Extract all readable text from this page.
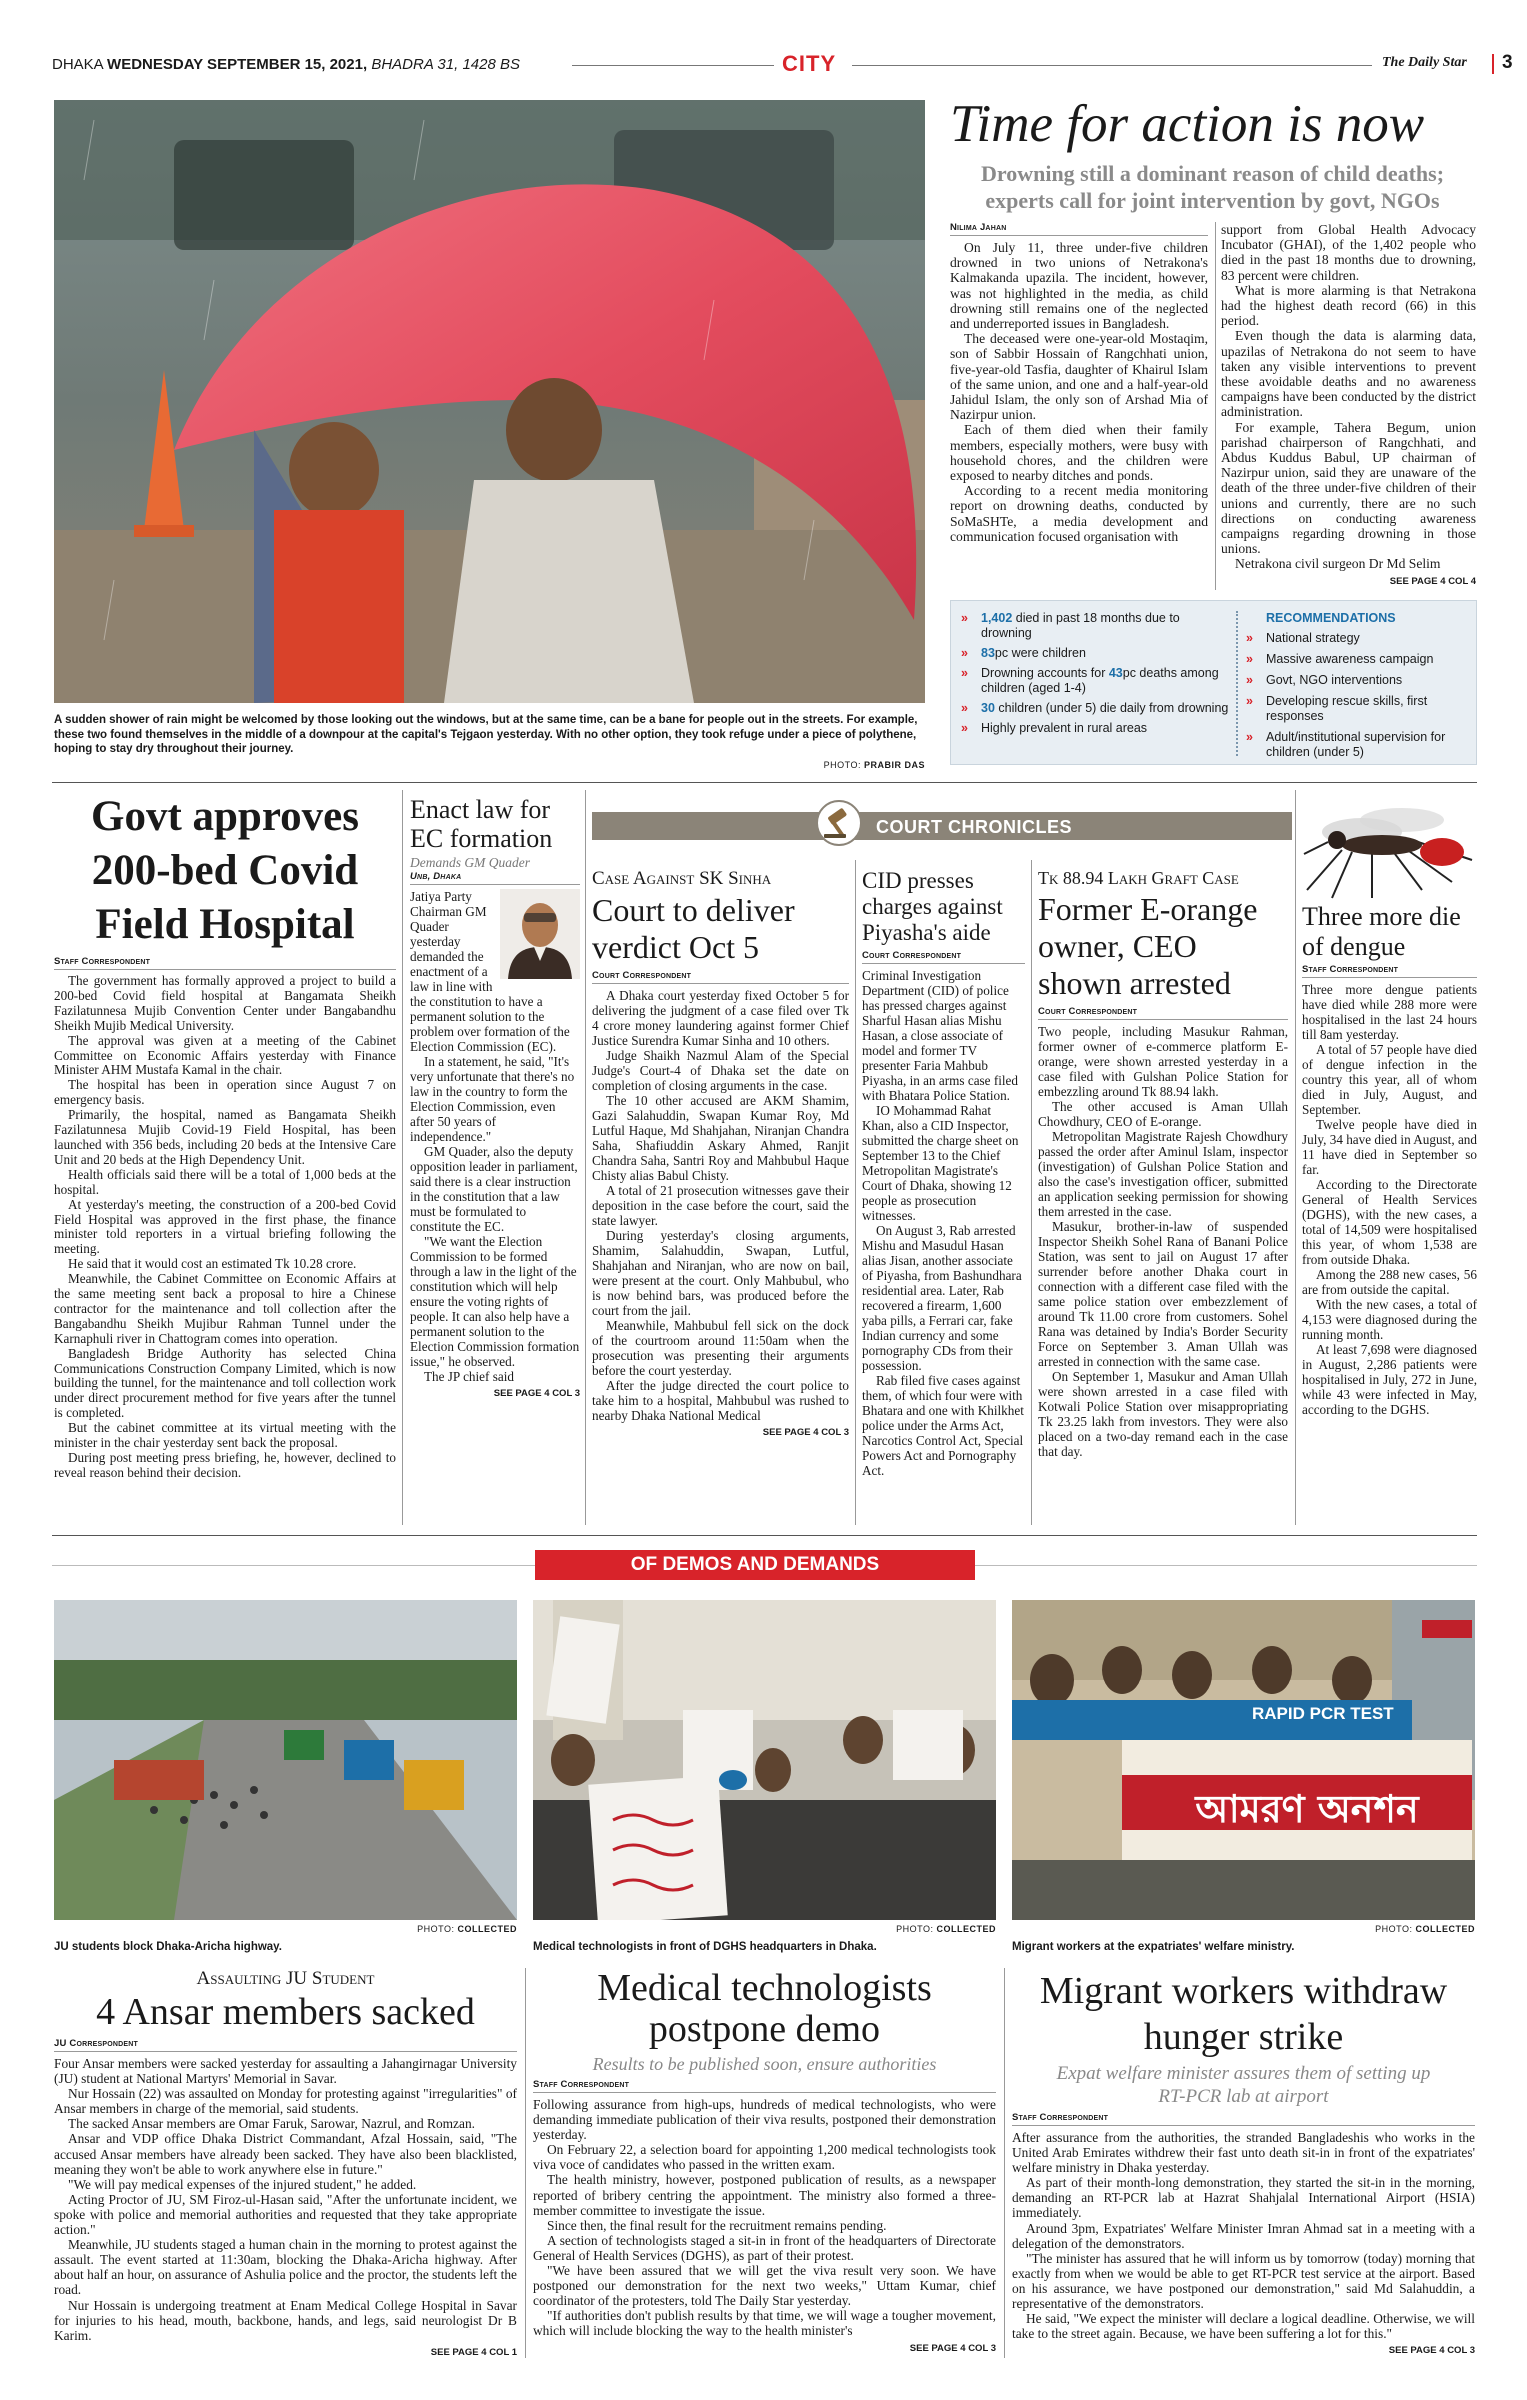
DHAKA WEDNESDAY SEPTEMBER 15, 2021, BHADRA 31, 1428 BS	CITY	The Daily Star 3
A sudden shower of rain might be welcomed by those looking out the windows, but at the same time, can be a bane for people out in the streets. For example, these two found themselves in the middle of a downpour at the capital's Tejgaon yesterday. With no other option, they took refuge under a piece of polythene, hoping to stay dry throughout their journey.
PHOTO: PRABIR DAS
Time for action is now
Drowning still a dominant reason of child deaths; experts call for joint intervention by govt, NGOs
Nilima Jahan

On July 11, three under-five children drowned in two unions of Netrakona's Kalmakanda upazila. The incident, however, was not highlighted in the media, as child drowning still remains one of the neglected and underreported issues in Bangladesh.

The deceased were one-year-old Mostaqim, son of Sabbir Hossain of Rangchhati union, five-year-old Tasfia, daughter of Khairul Islam of the same union, and one and a half-year-old Jahidul Islam, the only son of Arshad Mia of Nazirpur union.

Each of them died when their family members, especially mothers, were busy with household chores, and the children were exposed to nearby ditches and ponds.

According to a recent media monitoring report on drowning deaths, conducted by SoMaSHTe, a media development and communication focused organisation with

support from Global Health Advocacy Incubator (GHAI), of the 1,402 people who died in the past 18 months due to drowning, 83 percent were children.

What is more alarming is that Netrakona had the highest death record (66) in this period.

Even though the data is alarming data, upazilas of Netrakona do not seem to have taken any visible interventions to prevent these avoidable deaths and no awareness campaigns have been conducted by the district administration.

For example, Tahera Begum, union parishad chairperson of Rangchhati, and Abdus Kuddus Babul, UP chairman of Nazirpur union, said they are unaware of the death of the three under-five children of their unions and currently, there are no such directions on conducting awareness campaigns regarding drowning in those unions.

Netrakona civil surgeon Dr Md Selim

SEE PAGE 4 COL 4
» 1,402 died in past 18 months due to drowning
» 83pc were children
» Drowning accounts for 43pc deaths among children (aged 1-4)
» 30 children (under 5) die daily from drowning
» Highly prevalent in rural areas
RECOMMENDATIONS
» National strategy
» Massive awareness campaign
» Govt, NGO interventions
» Developing rescue skills, first responses
» Adult/institutional supervision for children (under 5)
Govt approves 200-bed Covid Field Hospital
Staff Correspondent

The government has formally approved a project to build a 200-bed Covid field hospital at Bangamata Sheikh Fazilatunnesa Mujib Convention Center under Bangabandhu Sheikh Mujib Medical University.

The approval was given at a meeting of the Cabinet Committee on Economic Affairs yesterday with Finance Minister AHM Mustafa Kamal in the chair.

The hospital has been in operation since August 7 on emergency basis.

Primarily, the hospital, named as Bangamata Sheikh Fazilatunnesa Mujib Covid-19 Field Hospital, has been launched with 356 beds, including 20 beds at the Intensive Care Unit and 20 beds at the High Dependency Unit.

Health officials said there will be a total of 1,000 beds at the hospital.

At yesterday's meeting, the construction of a 200-bed Covid Field Hospital was approved in the first phase, the finance minister told reporters in a virtual briefing following the meeting.

He said that it would cost an estimated Tk 10.28 crore.

Meanwhile, the Cabinet Committee on Economic Affairs at the same meeting sent back a proposal to hire a Chinese contractor for the maintenance and toll collection after the Bangabandhu Sheikh Mujibur Rahman Tunnel under the Karnaphuli river in Chattogram comes into operation.

Bangladesh Bridge Authority has selected China Communications Construction Company Limited, which is now building the tunnel, for the maintenance and toll collection work under direct procurement method for five years after the tunnel is completed.

But the cabinet committee at its virtual meeting with the minister in the chair yesterday sent back the proposal.

During post meeting press briefing, he, however, declined to reveal reason behind their decision.

Enact law for EC formation
Demands GM Quader
Unb, Dhaka

Jatiya Party Chairman GM Quader yesterday demanded the enactment of a law in line with the constitution to have a permanent solution to the problem over formation of the Election Commission (EC).

In a statement, he said, "It's very unfortunate that there's no law in the country to form the Election Commission, even after 50 years of independence."

GM Quader, also the deputy opposition leader in parliament, said there is a clear instruction in the constitution that a law must be formulated to constitute the EC.

"We want the Election Commission to be formed through a law in the light of the constitution which will help ensure the voting rights of people. It can also help have a permanent solution to the Election Commission formation issue," he observed.

The JP chief said

SEE PAGE 4 COL 3
COURT CHRONICLES
Case Against SK Sinha
Court to deliver verdict Oct 5
Court Correspondent

A Dhaka court yesterday fixed October 5 for delivering the judgment of a case filed over Tk 4 crore money laundering against former Chief Justice Surendra Kumar Sinha and 10 others.

Judge Shaikh Nazmul Alam of the Special Judge's Court-4 of Dhaka set the date on completion of closing arguments in the case.

The 10 other accused are AKM Shamim, Gazi Salahuddin, Swapan Kumar Roy, Md Lutful Haque, Md Shahjahan, Niranjan Chandra Saha, Shafiuddin Askary Ahmed, Ranjit Chandra Saha, Santri Roy and Mahbubul Haque Chisty alias Babul Chisty.

A total of 21 prosecution witnesses gave their deposition in the case before the court, said the state lawyer.

During yesterday's closing arguments, Shamim, Salahuddin, Swapan, Lutful, Shahjahan and Niranjan, who are now on bail, were present at the court. Only Mahbubul, who is now behind bars, was produced before the court from the jail.

Meanwhile, Mahbubul fell sick on the dock of the courtroom around 11:50am when the prosecution was presenting their arguments before the court yesterday.

After the judge directed the court police to take him to a hospital, Mahbubul was rushed to nearby Dhaka National Medical

SEE PAGE 4 COL 3
CID presses charges against Piyasha's aide
Court Correspondent

Criminal Investigation Department (CID) of police has pressed charges against Sharful Hasan alias Mishu Hasan, a close associate of model and former TV presenter Faria Mahbub Piyasha, in an arms case filed with Bhatara Police Station.

IO Mohammad Rahat Khan, also a CID Inspector, submitted the charge sheet on September 13 to the Chief Metropolitan Magistrate's Court of Dhaka, showing 12 people as prosecution witnesses.

On August 3, Rab arrested Mishu and Masudul Hasan alias Jisan, another associate of Piyasha, from Bashundhara residential area. Later, Rab recovered a firearm, 1,600 yaba pills, a Ferrari car, fake Indian currency and some pornography CDs from their possession.

Rab filed five cases against them, of which four were with Bhatara and one with Khilkhet police under the Arms Act, Narcotics Control Act, Special Powers Act and Pornography Act.

Tk 88.94 Lakh Graft Case
Former E-orange owner, CEO shown arrested
Court Correspondent

Two people, including Masukur Rahman, former owner of e-commerce platform E-orange, were shown arrested yesterday in a case filed with Gulshan Police Station for embezzling around Tk 88.94 lakh.

The other accused is Aman Ullah Chowdhury, CEO of E-orange.

Metropolitan Magistrate Rajesh Chowdhury passed the order after Aminul Islam, inspector (investigation) of Gulshan Police Station and also the case's investigation officer, submitted an application seeking permission for showing them arrested in the case.

Masukur, brother-in-law of suspended Inspector Sheikh Sohel Rana of Banani Police Station, was sent to jail on August 17 after surrender before another Dhaka court in connection with a different case filed with the same police station over embezzlement of around Tk 11.00 crore from customers. Sohel Rana was detained by India's Border Security Force on September 3. Aman Ullah was arrested in connection with the same case.

On September 1, Masukur and Aman Ullah were shown arrested in a case filed with Kotwali Police Station over misappropriating Tk 23.25 lakh from investors. They were also placed on a two-day remand each in the case that day.

Three more die of dengue
Staff Correspondent

Three more dengue patients have died while 288 more were hospitalised in the last 24 hours till 8am yesterday.

A total of 57 people have died of dengue infection in the country this year, all of whom died in July, August, and September.

Twelve people have died in July, 34 have died in August, and 11 have died in September so far.

According to the Directorate General of Health Services (DGHS), with the new cases, a total of 14,509 were hospitalised this year, of whom 1,538 are from outside Dhaka.

Among the 288 new cases, 56 are from outside the capital.

With the new cases, a total of 4,153 were diagnosed during the running month.

At least 7,698 were diagnosed in August, 2,286 patients were hospitalised in July, 272 in June, while 43 were infected in May, according to the DGHS.

OF DEMOS AND DEMANDS
RAPID PCR TEST
আমরণ অনশন
PHOTO: COLLECTED
JU students block Dhaka-Aricha highway.
PHOTO: COLLECTED
Medical technologists in front of DGHS headquarters in Dhaka.
PHOTO: COLLECTED
Migrant workers at the expatriates' welfare ministry.
Assaulting JU Student
4 Ansar members sacked
JU Correspondent

Four Ansar members were sacked yesterday for assaulting a Jahangirnagar University (JU) student at National Martyrs' Memorial in Savar.

Nur Hossain (22) was assaulted on Monday for protesting against "irregularities" of Ansar members in charge of the memorial, said students.

The sacked Ansar members are Omar Faruk, Sarowar, Nazrul, and Romzan.

Ansar and VDP office Dhaka District Commandant, Afzal Hossain, said, "The accused Ansar members have already been sacked. They have also been blacklisted, meaning they won't be able to work anywhere else in future."

"We will pay medical expenses of the injured student," he added.

Acting Proctor of JU, SM Firoz-ul-Hasan said, "After the unfortunate incident, we spoke with police and memorial authorities and requested that they take appropriate action."

Meanwhile, JU students staged a human chain in the morning to protest against the assault. The event started at 11:30am, blocking the Dhaka-Aricha highway. After about half an hour, on assurance of Ashulia police and the proctor, the students left the road.

Nur Hossain is undergoing treatment at Enam Medical College Hospital in Savar for injuries to his head, mouth, backbone, hands, and legs, said neurologist Dr B Karim.

SEE PAGE 4 COL 1
Medical technologists postpone demo
Results to be published soon, ensure authorities
Staff Correspondent

Following assurance from high-ups, hundreds of medical technologists, who were demanding immediate publication of their viva results, postponed their demonstration yesterday.

On February 22, a selection board for appointing 1,200 medical technologists took viva voce of candidates who passed in the written exam.

The health ministry, however, postponed publication of results, as a newspaper reported of bribery centring the appointment. The ministry also formed a three-member committee to investigate the issue.

Since then, the final result for the recruitment remains pending.

A section of technologists staged a sit-in in front of the headquarters of Directorate General of Health Services (DGHS), as part of their protest.

"We have been assured that we will get the viva result very soon. We have postponed our demonstration for the next two weeks," Uttam Kumar, chief coordinator of the protesters, told The Daily Star yesterday.

"If authorities don't publish results by that time, we will wage a tougher movement, which will include blocking the way to the health minister's

SEE PAGE 4 COL 3
Migrant workers withdraw hunger strike
Expat welfare minister assures them of setting up RT-PCR lab at airport
Staff Correspondent

After assurance from the authorities, the stranded Bangladeshis who works in the United Arab Emirates withdrew their fast unto death sit-in in front of the expatriates' welfare ministry in Dhaka yesterday.

As part of their month-long demonstration, they started the sit-in in the morning, demanding an RT-PCR lab at Hazrat Shahjalal International Airport (HSIA) immediately.

Around 3pm, Expatriates' Welfare Minister Imran Ahmad sat in a meeting with a delegation of the demonstrators.

"The minister has assured that he will inform us by tomorrow (today) morning that exactly from when we would be able to get RT-PCR test service at the airport. Based on his assurance, we have postponed our demonstration," said Md Salahuddin, a representative of the demonstrators.

He said, "We expect the minister will declare a logical deadline. Otherwise, we will take to the street again. Because, we have been suffering a lot for this."

SEE PAGE 4 COL 3
